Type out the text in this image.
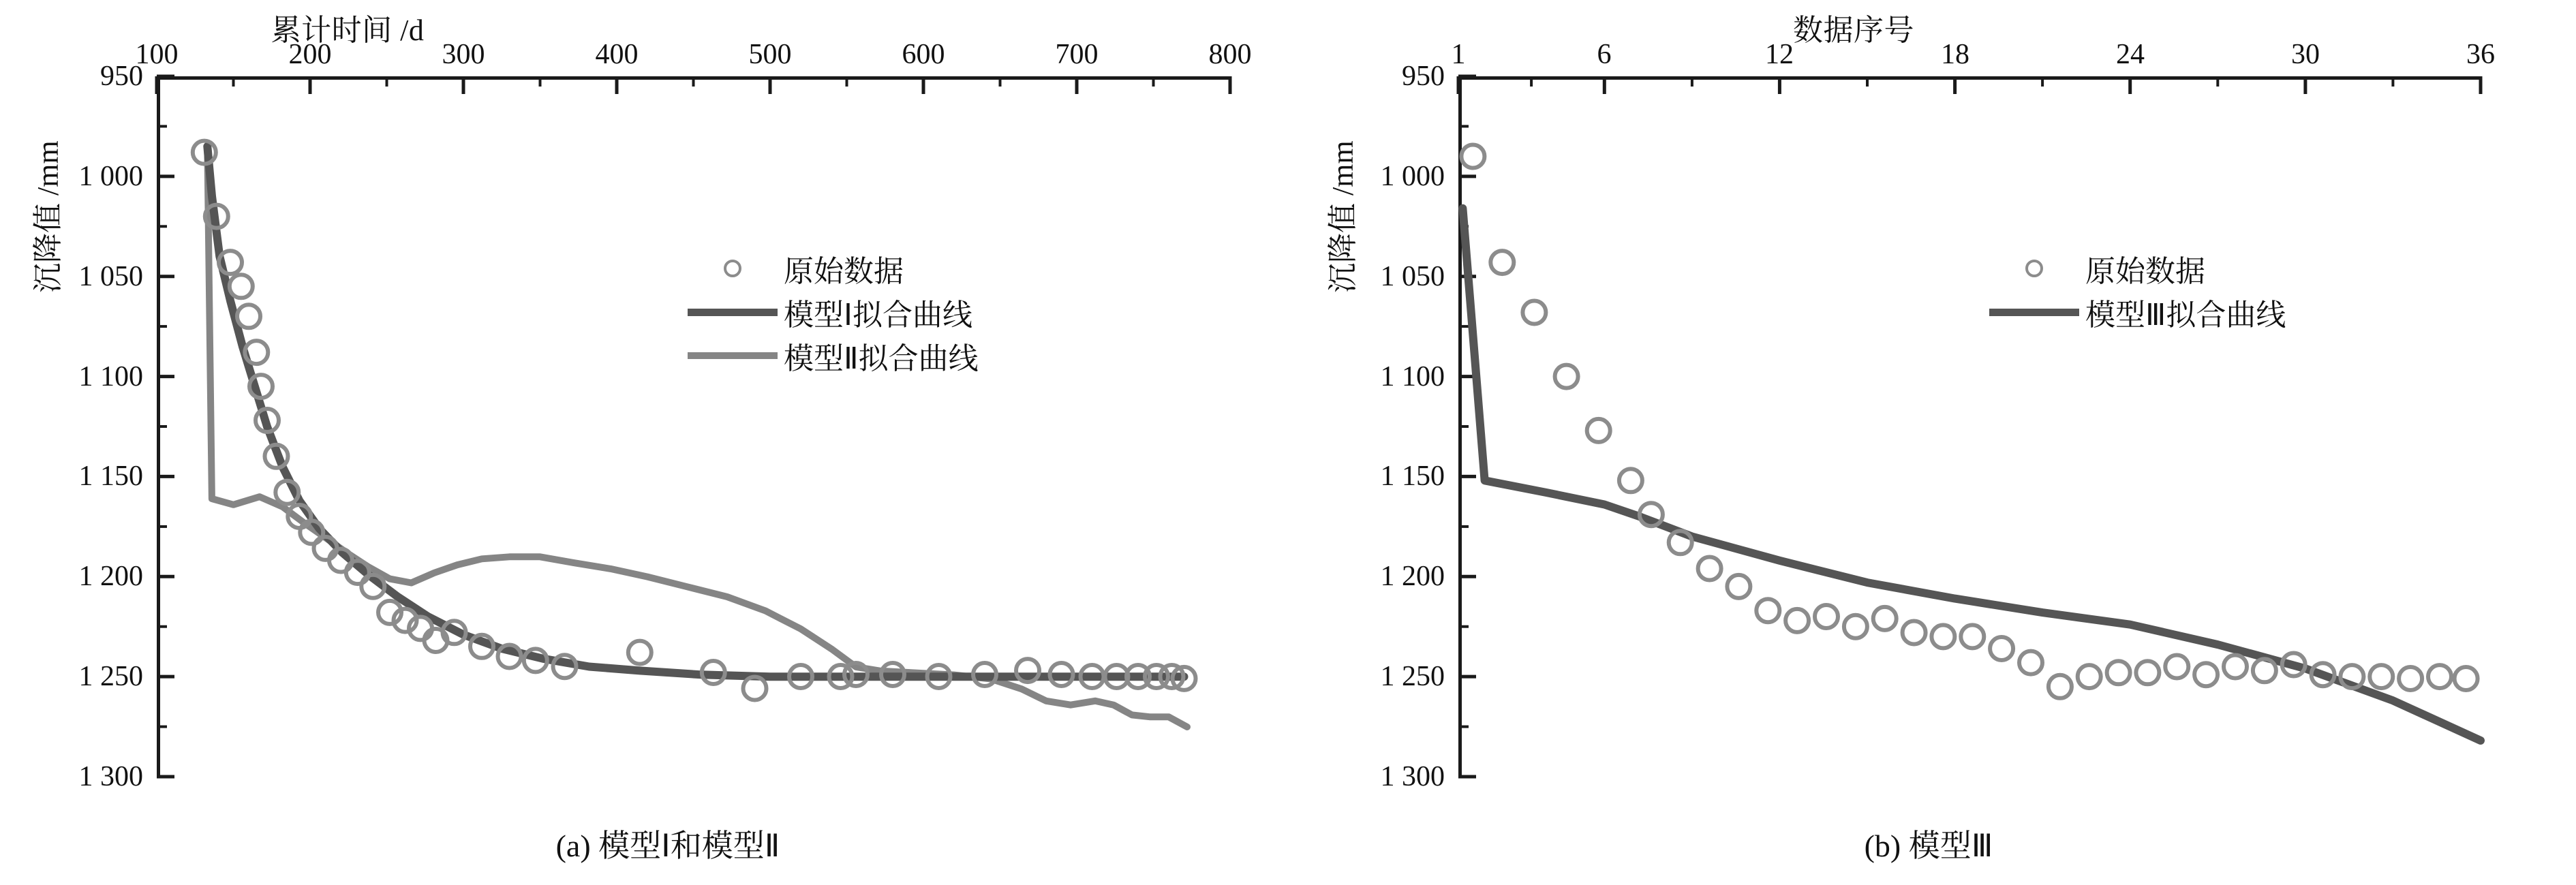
累计时间 /d
沉降值 /mm
100	200	300	400	500	600	700	800
950
1 000
1 050
1 100
1 150
1 200
1 250
1 300
原始数据
模型Ⅰ拟合曲线
模型Ⅱ拟合曲线
(a) 模型Ⅰ和模型Ⅱ
数据序号
沉降值 /mm
1	6	12	18	24	30	36
950
1 000
1 050
1 100
1 150
1 200
1 250
1 300
原始数据
模型Ⅲ拟合曲线
(b) 模型Ⅲ
